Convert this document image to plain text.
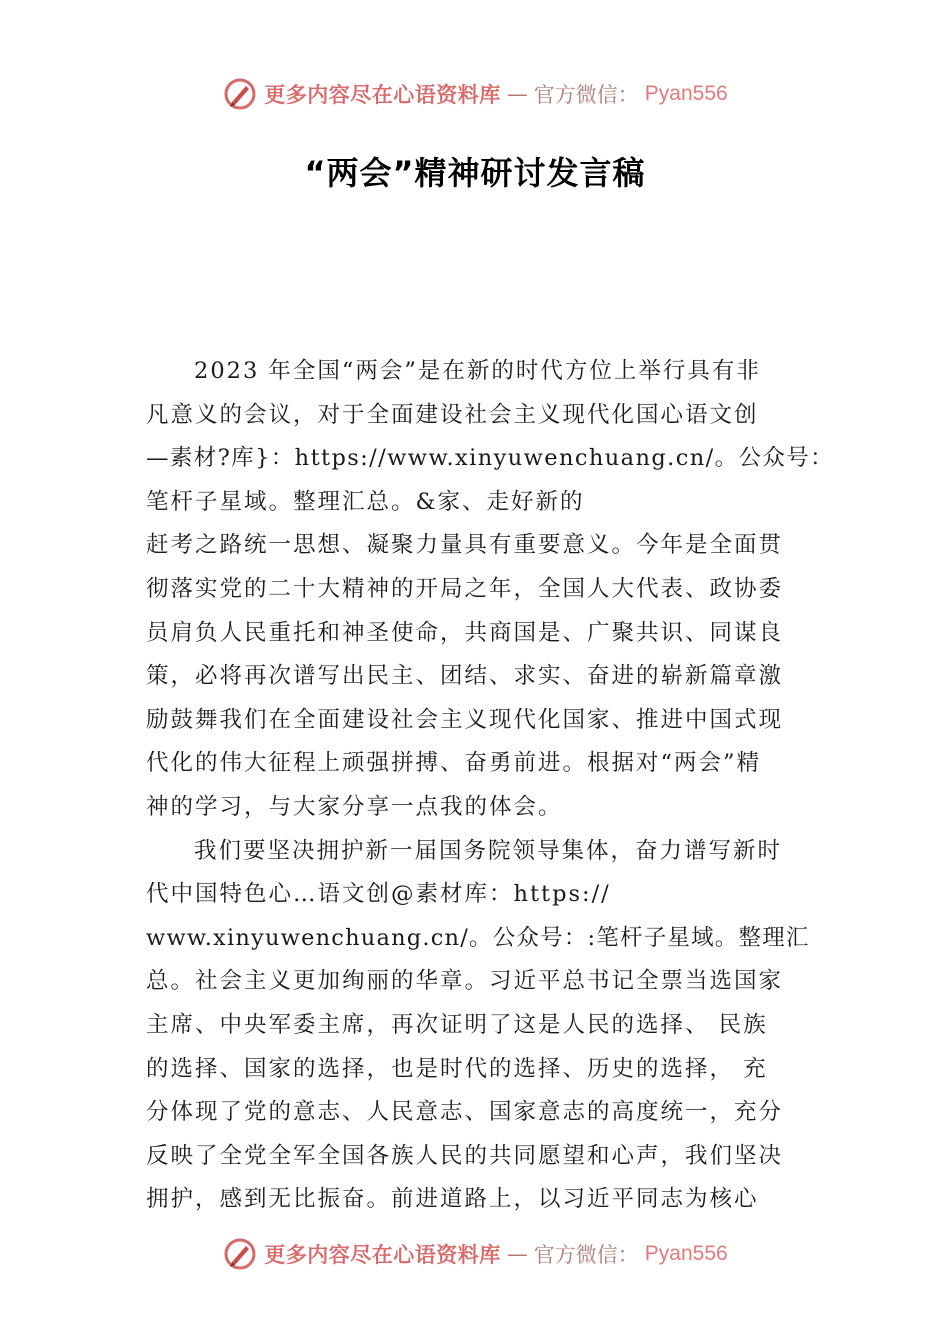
更多内容尽在心语资料库 — 官方微信： Pyan556
“两会”精神研讨发言稿
2023 年全国“两会”是在新的时代方位上举行具有非
凡意义的会议，对于全面建设社会主义现代化国心语文创
—素材?库}：https://www.xinyuwenchuang.cn/。公众号：
笔杆子星域。整理汇总。&家、走好新的
赶考之路统一思想、凝聚力量具有重要意义。今年是全面贯
彻落实党的二十大精神的开局之年，全国人大代表、政协委
员肩负人民重托和神圣使命，共商国是、广聚共识、同谋良
策，必将再次谱写出民主、团结、求实、奋进的崭新篇章激
励鼓舞我们在全面建设社会主义现代化国家、推进中国式现
代化的伟大征程上顽强拼搏、奋勇前进。根据对“两会”精
神的学习，与大家分享一点我的体会。
我们要坚决拥护新一届国务院领导集体，奋力谱写新时
代中国特色心…语文创@素材库：https://
www.xinyuwenchuang.cn/。公众号：:笔杆子星域。整理汇
总。社会主义更加绚丽的华章。习近平总书记全票当选国家
主席、中央军委主席，再次证明了这是人民的选择、 民族
的选择、国家的选择，也是时代的选择、历史的选择， 充
分体现了党的意志、人民意志、国家意志的高度统一，充分
反映了全党全军全国各族人民的共同愿望和心声，我们坚决
拥护，感到无比振奋。前进道路上，以习近平同志为核心
更多内容尽在心语资料库 — 官方微信： Pyan556
